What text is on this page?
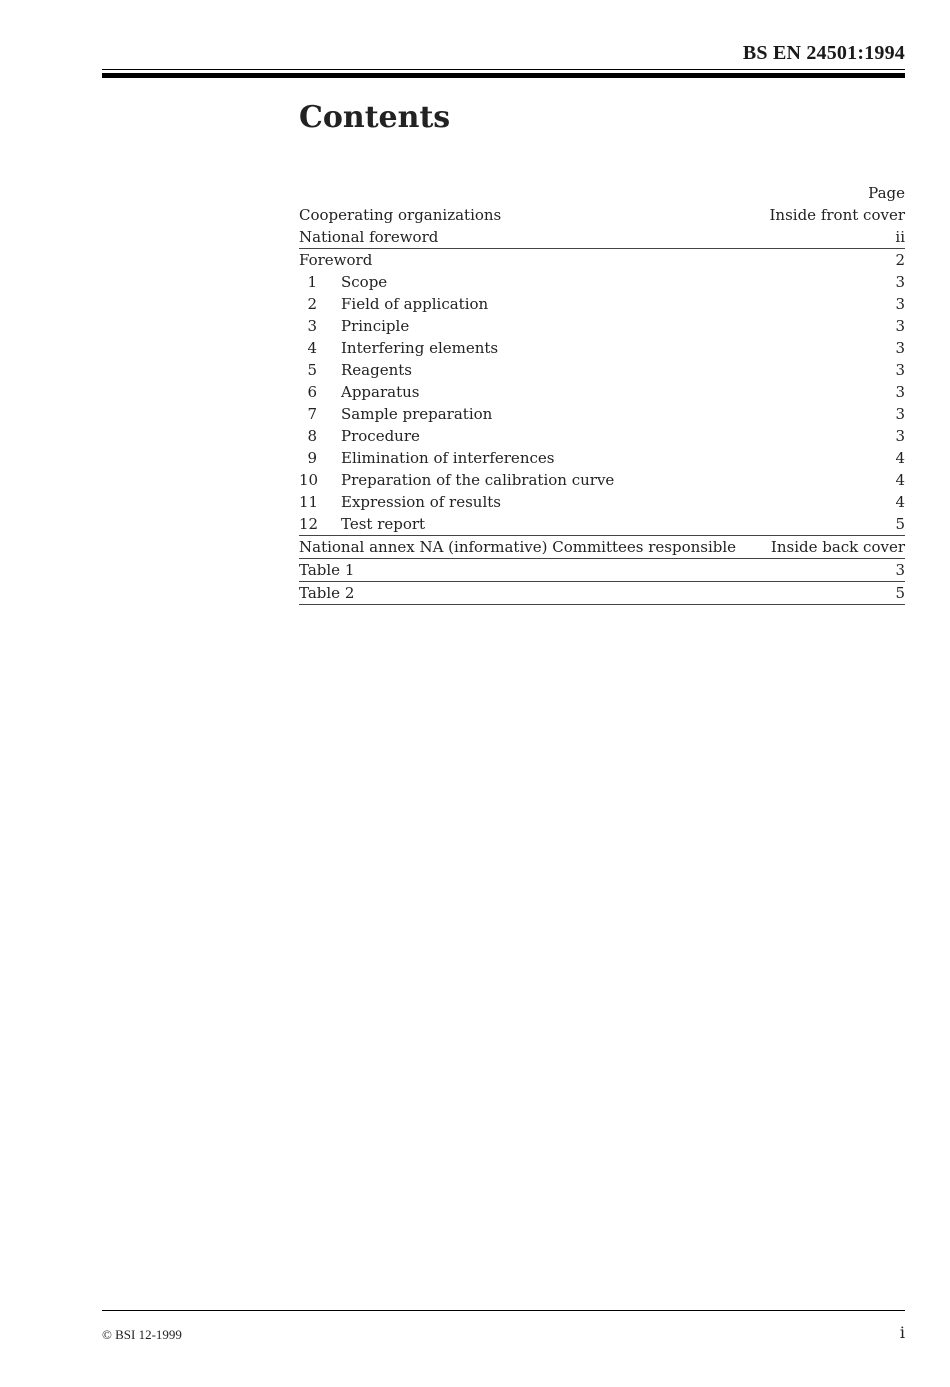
BS EN 24501:1994
Contents
Page
Cooperating organizations	Inside front cover
National foreword	ii
Foreword	2
1 Scope	3
2 Field of application	3
3 Principle	3
4 Interfering elements	3
5 Reagents	3
6 Apparatus	3
7 Sample preparation	3
8 Procedure	3
9 Elimination of interferences	4
10 Preparation of the calibration curve	4
11 Expression of results	4
12 Test report	5
National annex NA (informative) Committees responsible Inside back cover
Table 1	3
Table 2	5
© BSI 12-1999	i
